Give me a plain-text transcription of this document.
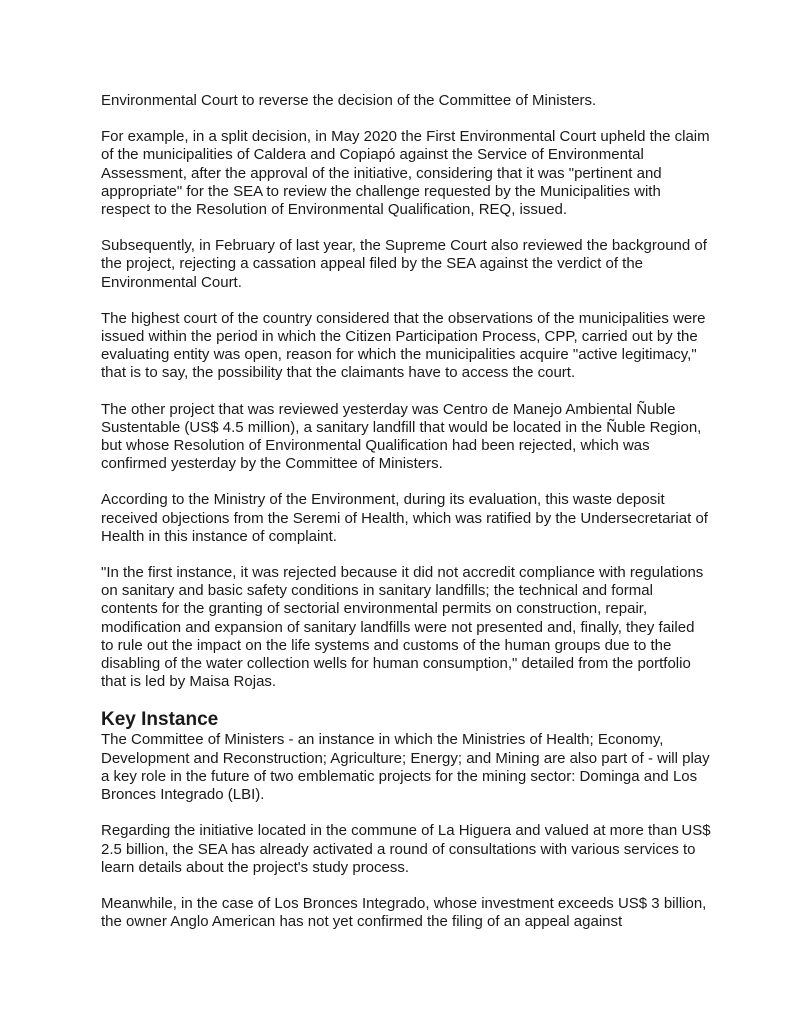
Environmental Court to reverse the decision of the Committee of Ministers.

For example, in a split decision, in May 2020 the First Environmental Court upheld the claim of the municipalities of Caldera and Copiapó against the Service of Environmental Assessment, after the approval of the initiative, considering that it was "pertinent and appropriate" for the SEA to review the challenge requested by the Municipalities with respect to the Resolution of Environmental Qualification, REQ, issued.

Subsequently, in February of last year, the Supreme Court also reviewed the background of the project, rejecting a cassation appeal filed by the SEA against the verdict of the Environmental Court.

The highest court of the country considered that the observations of the municipalities were issued within the period in which the Citizen Participation Process, CPP, carried out by the evaluating entity was open, reason for which the municipalities acquire "active legitimacy," that is to say, the possibility that the claimants have to access the court.

The other project that was reviewed yesterday was Centro de Manejo Ambiental Ñuble Sustentable (US$ 4.5 million), a sanitary landfill that would be located in the Ñuble Region, but whose Resolution of Environmental Qualification had been rejected, which was confirmed yesterday by the Committee of Ministers.

According to the Ministry of the Environment, during its evaluation, this waste deposit received objections from the Seremi of Health, which was ratified by the Undersecretariat of Health in this instance of complaint.

"In the first instance, it was rejected because it did not accredit compliance with regulations on sanitary and basic safety conditions in sanitary landfills; the technical and formal contents for the granting of sectorial environmental permits on construction, repair, modification and expansion of sanitary landfills were not presented and, finally, they failed to rule out the impact on the life systems and customs of the human groups due to the disabling of the water collection wells for human consumption," detailed from the portfolio that is led by Maisa Rojas.

Key Instance

The Committee of Ministers - an instance in which the Ministries of Health; Economy, Development and Reconstruction; Agriculture; Energy; and Mining are also part of - will play a key role in the future of two emblematic projects for the mining sector: Dominga and Los Bronces Integrado (LBI).

Regarding the initiative located in the commune of La Higuera and valued at more than US$ 2.5 billion, the SEA has already activated a round of consultations with various services to learn details about the project's study process.

Meanwhile, in the case of Los Bronces Integrado, whose investment exceeds US$ 3 billion, the owner Anglo American has not yet confirmed the filing of an appeal against
